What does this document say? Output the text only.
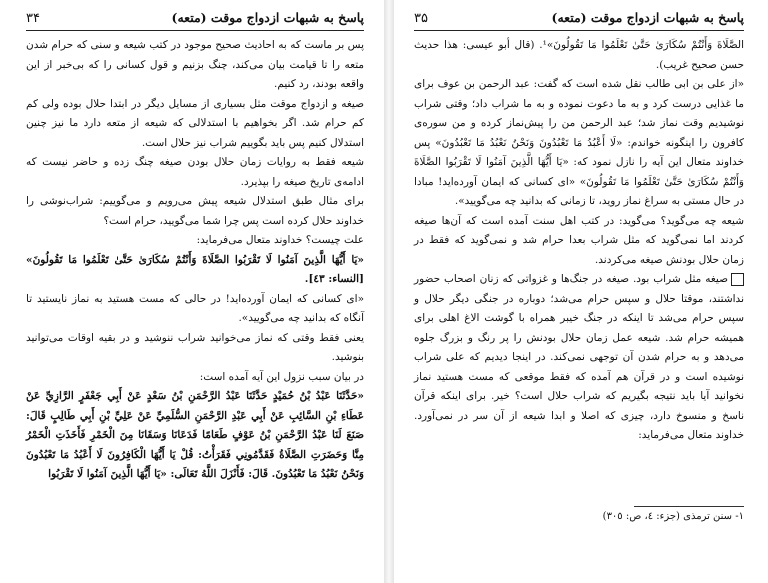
پاسخ به شبهات ازدواج موقت (متعه)
۳۴

پس بر ماست که به احادیث صحیح موجود در کتب شیعه و سنی که حرام شدن متعه را تا قیامت بیان می‌کند، چنگ بزنیم و قول کسانی را که بی‌خبر از این واقعه بودند، رد کنیم.

صیغه و ازدواج موقت مثل بسیاری از مسایل دیگر در ابتدا حلال بوده ولی کم کم حرام شد. اگر بخواهیم با استدلالی که شیعه از متعه دارد ما نیز چنین استدلال کنیم پس باید بگوییم شراب نیز حلال است.

شیعه فقط به روایات زمان حلال بودن صیغه چنگ زده و حاضر نیست که ادامه‌ی تاریخ صیغه را بپذیرد.

برای مثال طبق استدلال شیعه پیش می‌رویم و می‌گوییم: شراب‌نوشی را خداوند حلال کرده است پس چرا شما می‌گویید، حرام است؟

علت چیست؟ خداوند متعال می‌فرماید:

«يَا أَيُّهَا الَّذِينَ آمَنُوا لَا تَقْرَبُوا الصَّلَاةَ وَأَنْتُمْ سُكَارَىٰ حَتَّىٰ تَعْلَمُوا مَا تَقُولُونَ» [النساء: ٤٣].

«ای کسانی که ایمان آورده‌اید! در حالی که مست هستید به نماز نایستید تا آنگاه که بدانید چه می‌گویید».

یعنی فقط وقتی که نماز می‌خوانید شراب ننوشید و در بقیه اوقات می‌توانید بنوشید.

در بیان سبب نزول این آیه آمده است:

«حَدَّثَنَا عَبْدُ بْنُ حُمَيْدٍ حَدَّثَنَا عَبْدُ الرَّحْمَنِ بْنُ سَعْدٍ عَنْ أَبِي جَعْفَرٍ الرَّازِيِّ عَنْ عَطَاءِ بْنِ السَّائِبِ عَنْ أَبِي عَبْدِ الرَّحْمَنِ السُّلَمِيِّ عَنْ عَلِيِّ بْنِ أَبِي طَالِبٍ قَالَ: صَنَعَ لَنَا عَبْدُ الرَّحْمَنِ بْنُ عَوْفٍ طَعَامًا فَدَعَانَا وَسَقَانَا مِنَ الْخَمْرِ فَأَخَذَتِ الْخَمْرُ مِنَّا وَحَضَرَتِ الصَّلَاةُ فَقَدَّمُونِي فَقَرَأْتُ: قُلْ يَا أَيُّهَا الْكَافِرُونَ لَا أَعْبُدُ مَا تَعْبُدُونَ وَنَحْنُ نَعْبُدُ مَا تَعْبُدُونَ. قَالَ: فَأَنْزَلَ اللَّهُ تَعَالَى: «يَا أَيُّهَا الَّذِينَ آمَنُوا لَا تَقْرَبُوا

پاسخ به شبهات ازدواج موقت (متعه)
۳۵

الصَّلَاةَ وَأَنْتُمْ سُكَارَىٰ حَتَّىٰ تَعْلَمُوا مَا تَقُولُونَ»¹. (قال أبو عيسى: هذا حديث حسن صحيح غريب).

«از علی بن ابی طالب نقل شده است که گفت: عبد الرحمن بن عوف برای ما غذایی درست کرد و به ما دعوت نموده و به ما شراب داد؛ وقتی شراب نوشیدیم وقت نماز شد؛ عبد الرحمن من را پیش‌نماز کرده و من سوره‌ی کافرون را اینگونه خواندم: «لَا أَعْبُدُ مَا تَعْبُدُونَ وَنَحْنُ نَعْبُدُ مَا تَعْبُدُونَ» پس خداوند متعال این آیه را نازل نمود که: «يَا أَيُّهَا الَّذِينَ آمَنُوا لَا تَقْرَبُوا الصَّلَاةَ وَأَنْتُمْ سُكَارَىٰ حَتَّىٰ تَعْلَمُوا مَا تَقُولُونَ» «ای کسانی که ایمان آورده‌اید! مبادا در حال مستی به سراغ نماز روید، تا زمانی که بدانید چه می‌گویید».

شیعه چه می‌گوید؟ می‌گوید: در کتب اهل سنت آمده است که آن‌ها صیغه کردند اما نمی‌گوید که مثل شراب بعدا حرام شد و نمی‌گوید که فقط در زمان حلال بودنش صیغه می‌کردند.

صیغه مثل شراب بود. صیغه در جنگ‌ها و غزواتی که زنان اصحاب حضور نداشتند، موقتا حلال و سپس حرام می‌شد؛ دوباره در جنگی دیگر حلال و سپس حرام می‌شد تا اینکه در جنگ خیبر همراه با گوشت الاغ اهلی برای همیشه حرام شد. شیعه عمل زمان حلال بودنش را پر رنگ و بزرگ جلوه می‌دهد و به حرام شدن آن توجهی نمی‌کند. در اینجا دیدیم که علی شراب نوشیده است و در قرآن هم آمده که فقط موقعی که مست هستید نماز نخوانید آیا باید نتیجه بگیریم که شراب حلال است؟ خیر. برای اینکه قرآن ناسخ و منسوخ دارد، چیزی که اصلا و ابدا شیعه از آن سر در نمی‌آورد. خداوند متعال می‌فرماید:

١- سنن ترمذی (جزء: ٤، ص: ٣٠٥)
